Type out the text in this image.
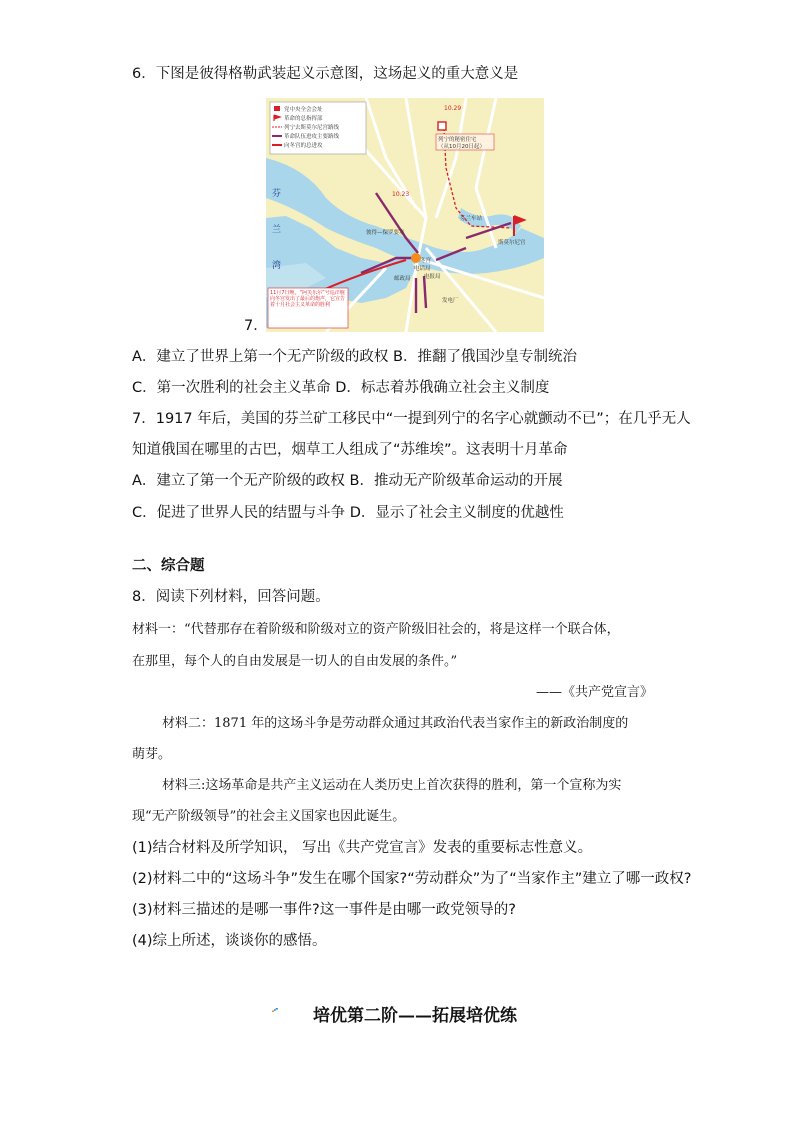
6．下图是彼得格勒武装起义示意图，这场起义的重大意义是
党中央全会会址
革命的总指挥部
列宁去斯莫尔尼宫路线
革命队伍进攻主要路线
向冬宫的总进攻
列宁的秘密住宅
（从10月20日起）
芬兰车站
斯莫尔尼宫
彼得—保罗要塞
冬宫
电话局
电报局
邮政局
发电厂
10.29
10.23
芬
兰
湾
11月7日晚，“阿芙乐尔”号巡洋舰向冬宫发出了最后的炮声，它宣告着十月社会主义革命的胜利
7．
A．建立了世界上第一个无产阶级的政权 B．推翻了俄国沙皇专制统治
C．第一次胜利的社会主义革命 D．标志着苏俄确立社会主义制度
7．1917 年后，美国的芬兰矿工移民中“一提到列宁的名字心就颤动不已”；在几乎无人
知道俄国在哪里的古巴，烟草工人组成了“苏维埃”。这表明十月革命
A．建立了第一个无产阶级的政权 B．推动无产阶级革命运动的开展
C．促进了世界人民的结盟与斗争 D．显示了社会主义制度的优越性
二、综合题
8．阅读下列材料，回答问题。
材料一：“代替那存在着阶级和阶级对立的资产阶级旧社会的，将是这样一个联合体，
在那里，每个人的自由发展是一切人的自由发展的条件。”
——《共产党宣言》
材料二：1871 年的这场斗争是劳动群众通过其政治代表当家作主的新政治制度的
萌芽。
材料三:这场革命是共产主义运动在人类历史上首次获得的胜利，第一个宣称为实
现“无产阶级领导”的社会主义国家也因此诞生。
(1)结合材料及所学知识， 写出《共产党宣言》发表的重要标志性意义。
(2)材料二中的“这场斗争”发生在哪个国家?“劳动群众”为了“当家作主”建立了哪一政权?
(3)材料三描述的是哪一事件?这一事件是由哪一政党领导的?
(4)综上所述，谈谈你的感悟。
培优第二阶——拓展培优练
